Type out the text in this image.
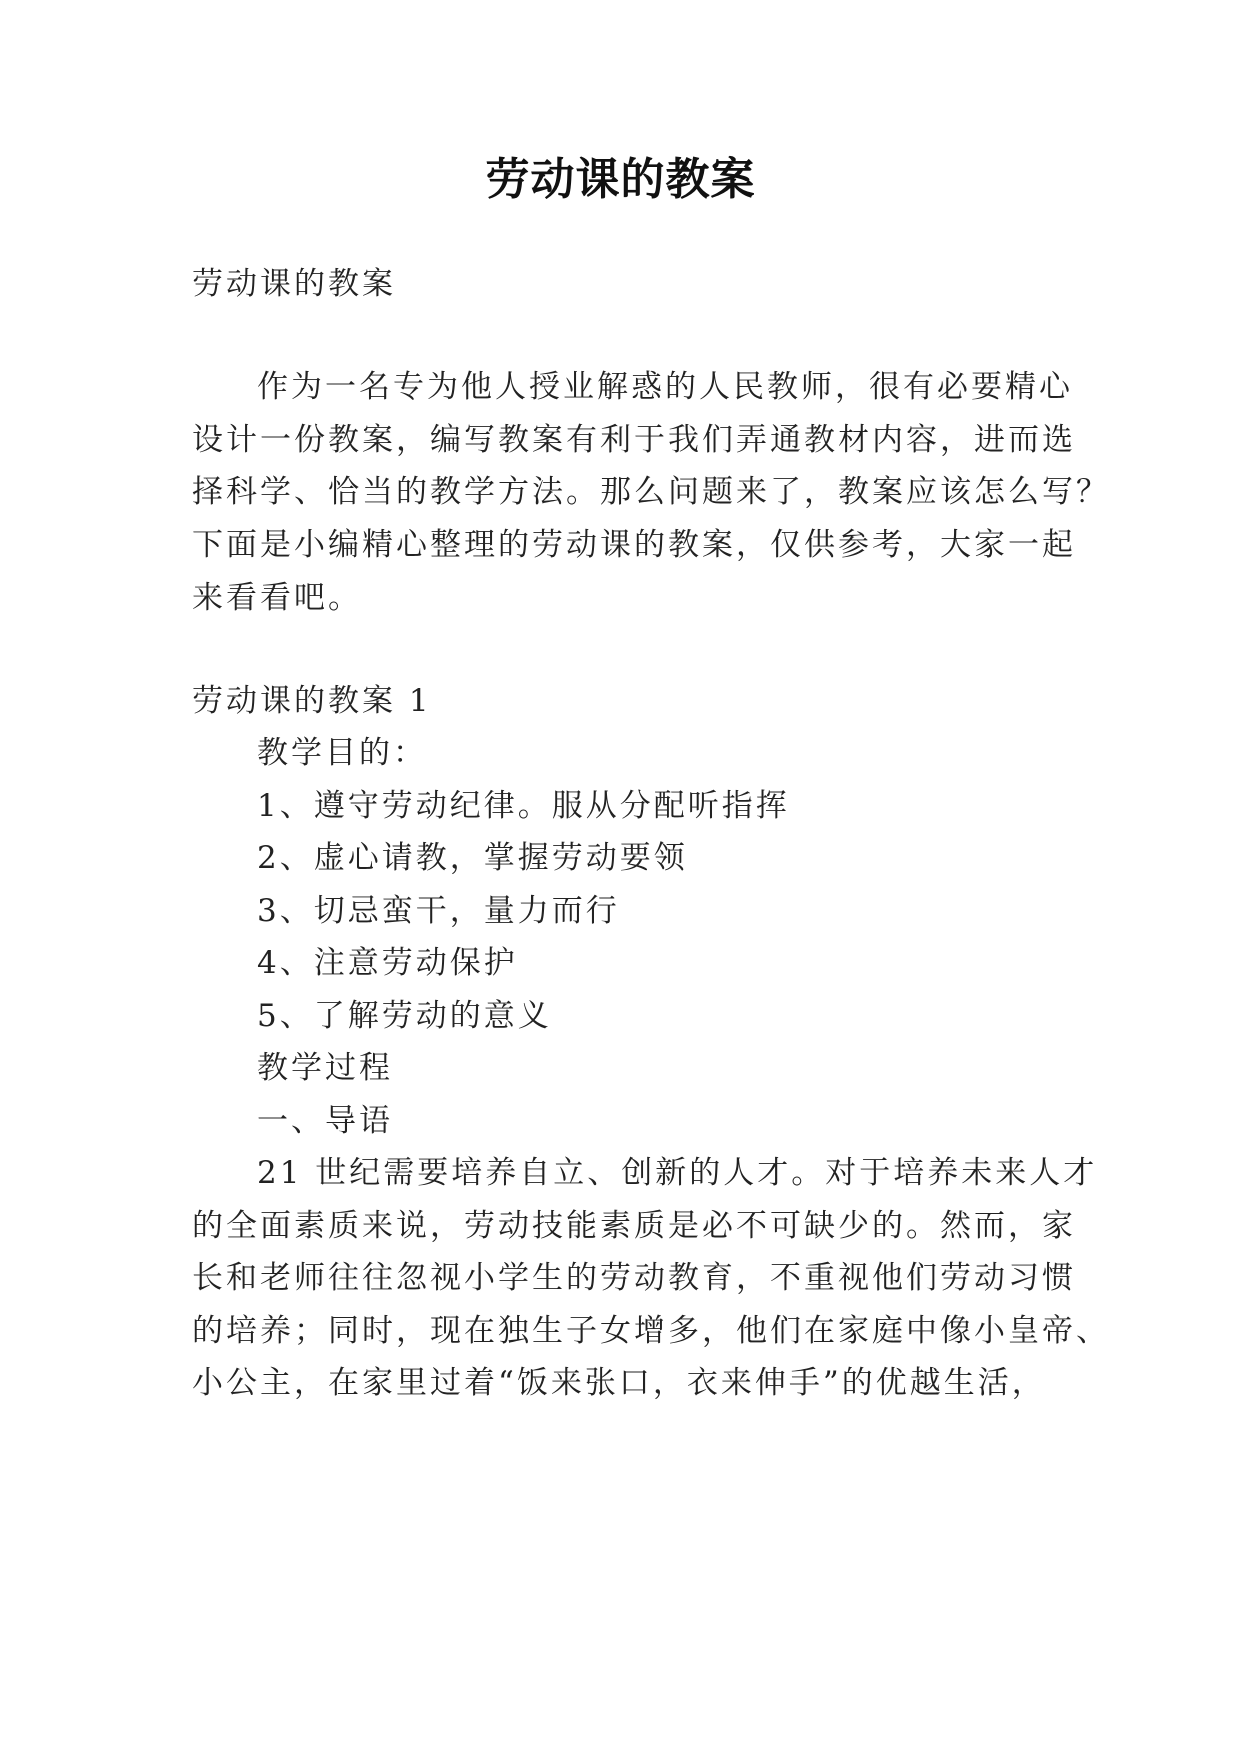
劳动课的教案
劳动课的教案
作为一名专为他人授业解惑的人民教师，很有必要精心
设计一份教案，编写教案有利于我们弄通教材内容，进而选
择科学、恰当的教学方法。那么问题来了，教案应该怎么写？
下面是小编精心整理的劳动课的教案，仅供参考，大家一起
来看看吧。
劳动课的教案 1
教学目的：
1、遵守劳动纪律。服从分配听指挥
2、虚心请教，掌握劳动要领
3、切忌蛮干，量力而行
4、注意劳动保护
5、了解劳动的意义
教学过程
一、导语
21 世纪需要培养自立、创新的人才。对于培养未来人才
的全面素质来说，劳动技能素质是必不可缺少的。然而，家
长和老师往往忽视小学生的劳动教育，不重视他们劳动习惯
的培养；同时，现在独生子女增多，他们在家庭中像小皇帝、
小公主，在家里过着“饭来张口，衣来伸手”的优越生活，
